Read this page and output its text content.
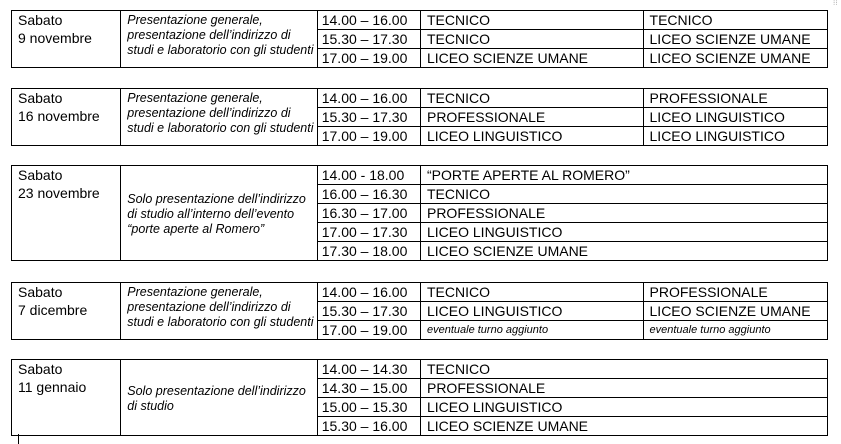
⁝⁝
Sabato
9 novembre	Presentazione generale, presentazione dell’indirizzo di studi e laboratorio con gli studenti	14.00 – 16.00	TECNICO	TECNICO
		15.30 – 17.30	TECNICO	LICEO SCIENZE UMANE
		17.00 – 19.00	LICEO SCIENZE UMANE	LICEO SCIENZE UMANE
Sabato
16 novembre	Presentazione generale, presentazione dell’indirizzo di studi e laboratorio con gli studenti	14.00 – 16.00	TECNICO	PROFESSIONALE
		15.30 – 17.30	PROFESSIONALE	LICEO LINGUISTICO
		17.00 – 19.00	LICEO LINGUISTICO	LICEO LINGUISTICO
Sabato
23 novembre	Solo presentazione dell’indirizzo di studio all’interno dell’evento “porte aperte al Romero”	14.00 - 18.00	“PORTE APERTE AL ROMERO”
		16.00 – 16.30	TECNICO
		16.30 – 17.00	PROFESSIONALE
		17.00 – 17.30	LICEO LINGUISTICO
		17.30 – 18.00	LICEO SCIENZE UMANE
Sabato
7 dicembre	Presentazione generale, presentazione dell’indirizzo di studi e laboratorio con gli studenti	14.00 – 16.00	TECNICO	PROFESSIONALE
		15.30 – 17.30	LICEO LINGUISTICO	LICEO SCIENZE UMANE
		17.00 – 19.00	eventuale turno aggiunto	eventuale turno aggiunto
Sabato
11 gennaio	Solo presentazione dell’indirizzo di studio	14.00 – 14.30	TECNICO
		14.30 – 15.00	PROFESSIONALE
		15.00 – 15.30	LICEO LINGUISTICO
		15.30 – 16.00	LICEO SCIENZE UMANE
